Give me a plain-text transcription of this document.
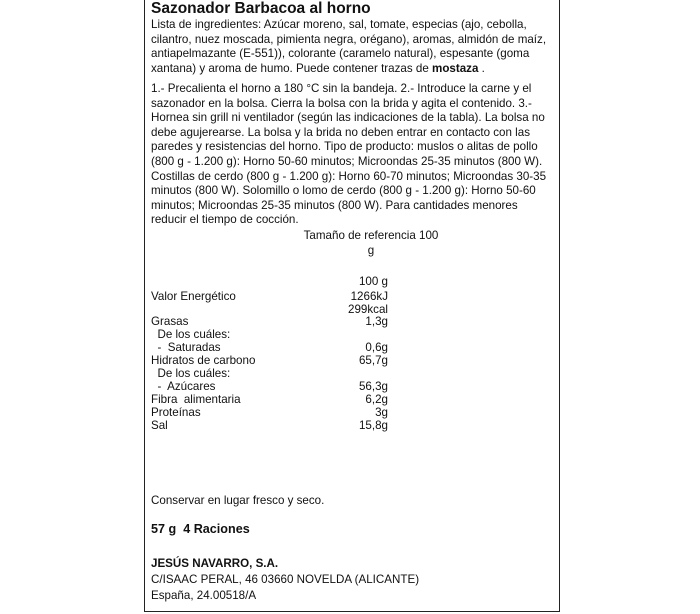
Sazonador Barbacoa al horno

Lista de ingredientes: Azúcar moreno, sal, tomate, especias (ajo, cebolla, cilantro, nuez moscada, pimienta negra, orégano), aromas, almidón de maíz, antiapelmazante (E-551)), colorante (caramelo natural), espesante (goma xantana) y aroma de humo. Puede contener trazas de mostaza .

1.- Precalienta el horno a 180 °C sin la bandeja. 2.- Introduce la carne y el sazonador en la bolsa. Cierra la bolsa con la brida y agita el contenido. 3.- Hornea sin grill ni ventilador (según las indicaciones de la tabla). La bolsa no debe agujerearse. La bolsa y la brida no deben entrar en contacto con las paredes y resistencias del horno. Tipo de producto: muslos o alitas de pollo (800 g - 1.200 g): Horno 50-60 minutos; Microondas 25-35 minutos (800 W). Costillas de cerdo (800 g - 1.200 g): Horno 60-70 minutos; Microondas 30-35 minutos (800 W). Solomillo o lomo de cerdo (800 g - 1.200 g): Horno 50-60 minutos; Microondas 25-35 minutos (800 W). Para cantidades menores reducir el tiempo de cocción.

Tamaño de referencia 100 g
100 g
Valor Energético	1266kJ
299kcal
Grasas	1,3g
De los cuáles:
-  Saturadas	0,6g
Hidratos de carbono	65,7g
De los cuáles:
-  Azúcares	56,3g
Fibra  alimentaria	6,2g
Proteínas	3g
Sal	15,8g
Conservar en lugar fresco y seco.
57 g 4 Raciones
JESÚS NAVARRO, S.A.
C/ISAAC PERAL, 46 03660 NOVELDA (ALICANTE)
España, 24.00518/A
